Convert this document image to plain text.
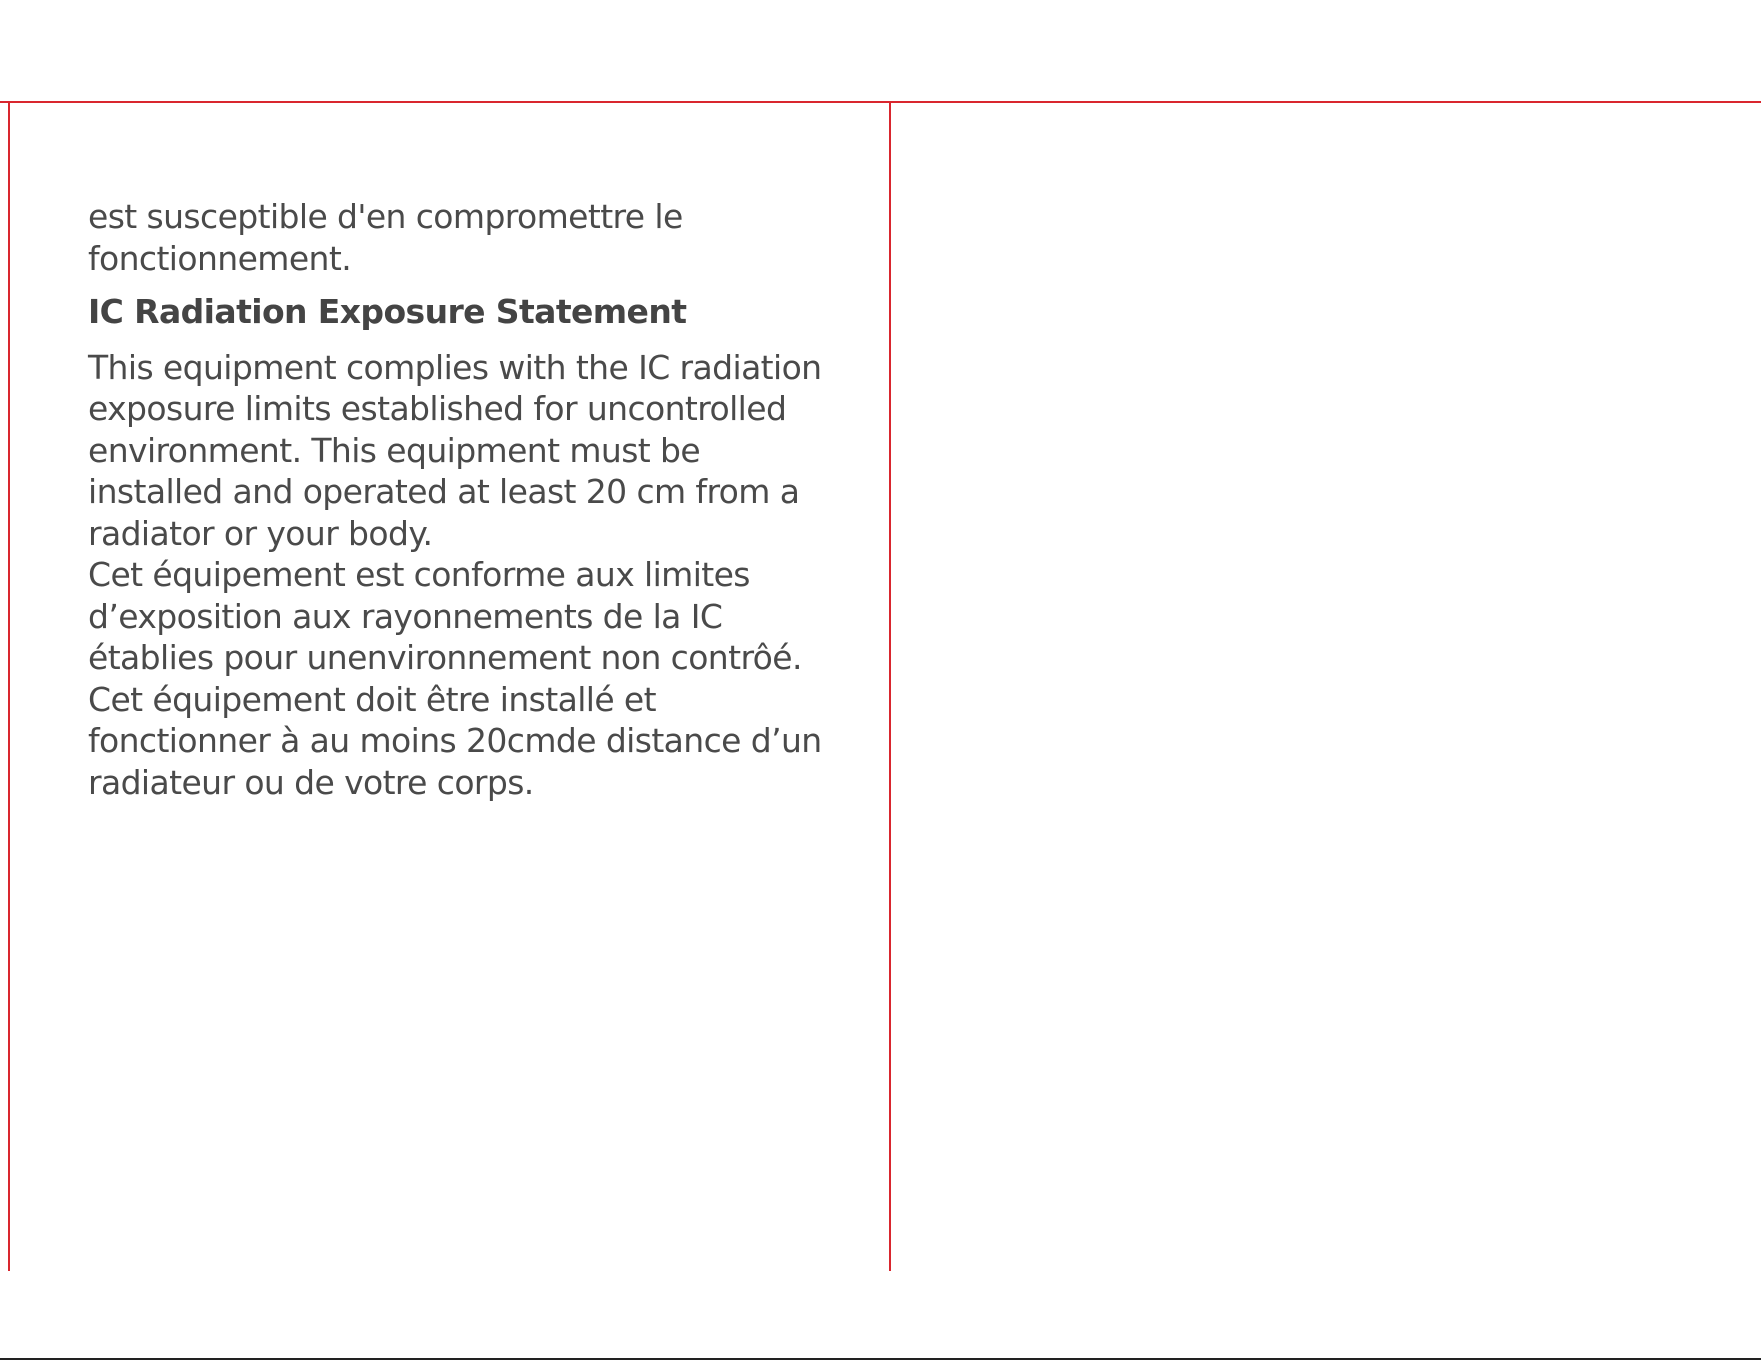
est susceptible d'en compromettre le
fonctionnement.

IC Radiation Exposure Statement

This equipment complies with the IC radiation
exposure limits established for uncontrolled
environment. This equipment must be
installed and operated at least 20 cm from a
radiator or your body.
Cet équipement est conforme aux limites
d’exposition aux rayonnements de la IC
établies pour unenvironnement non contrôé.
Cet équipement doit être installé et
fonctionner à au moins 20cmde distance d’un
radiateur ou de votre corps.
